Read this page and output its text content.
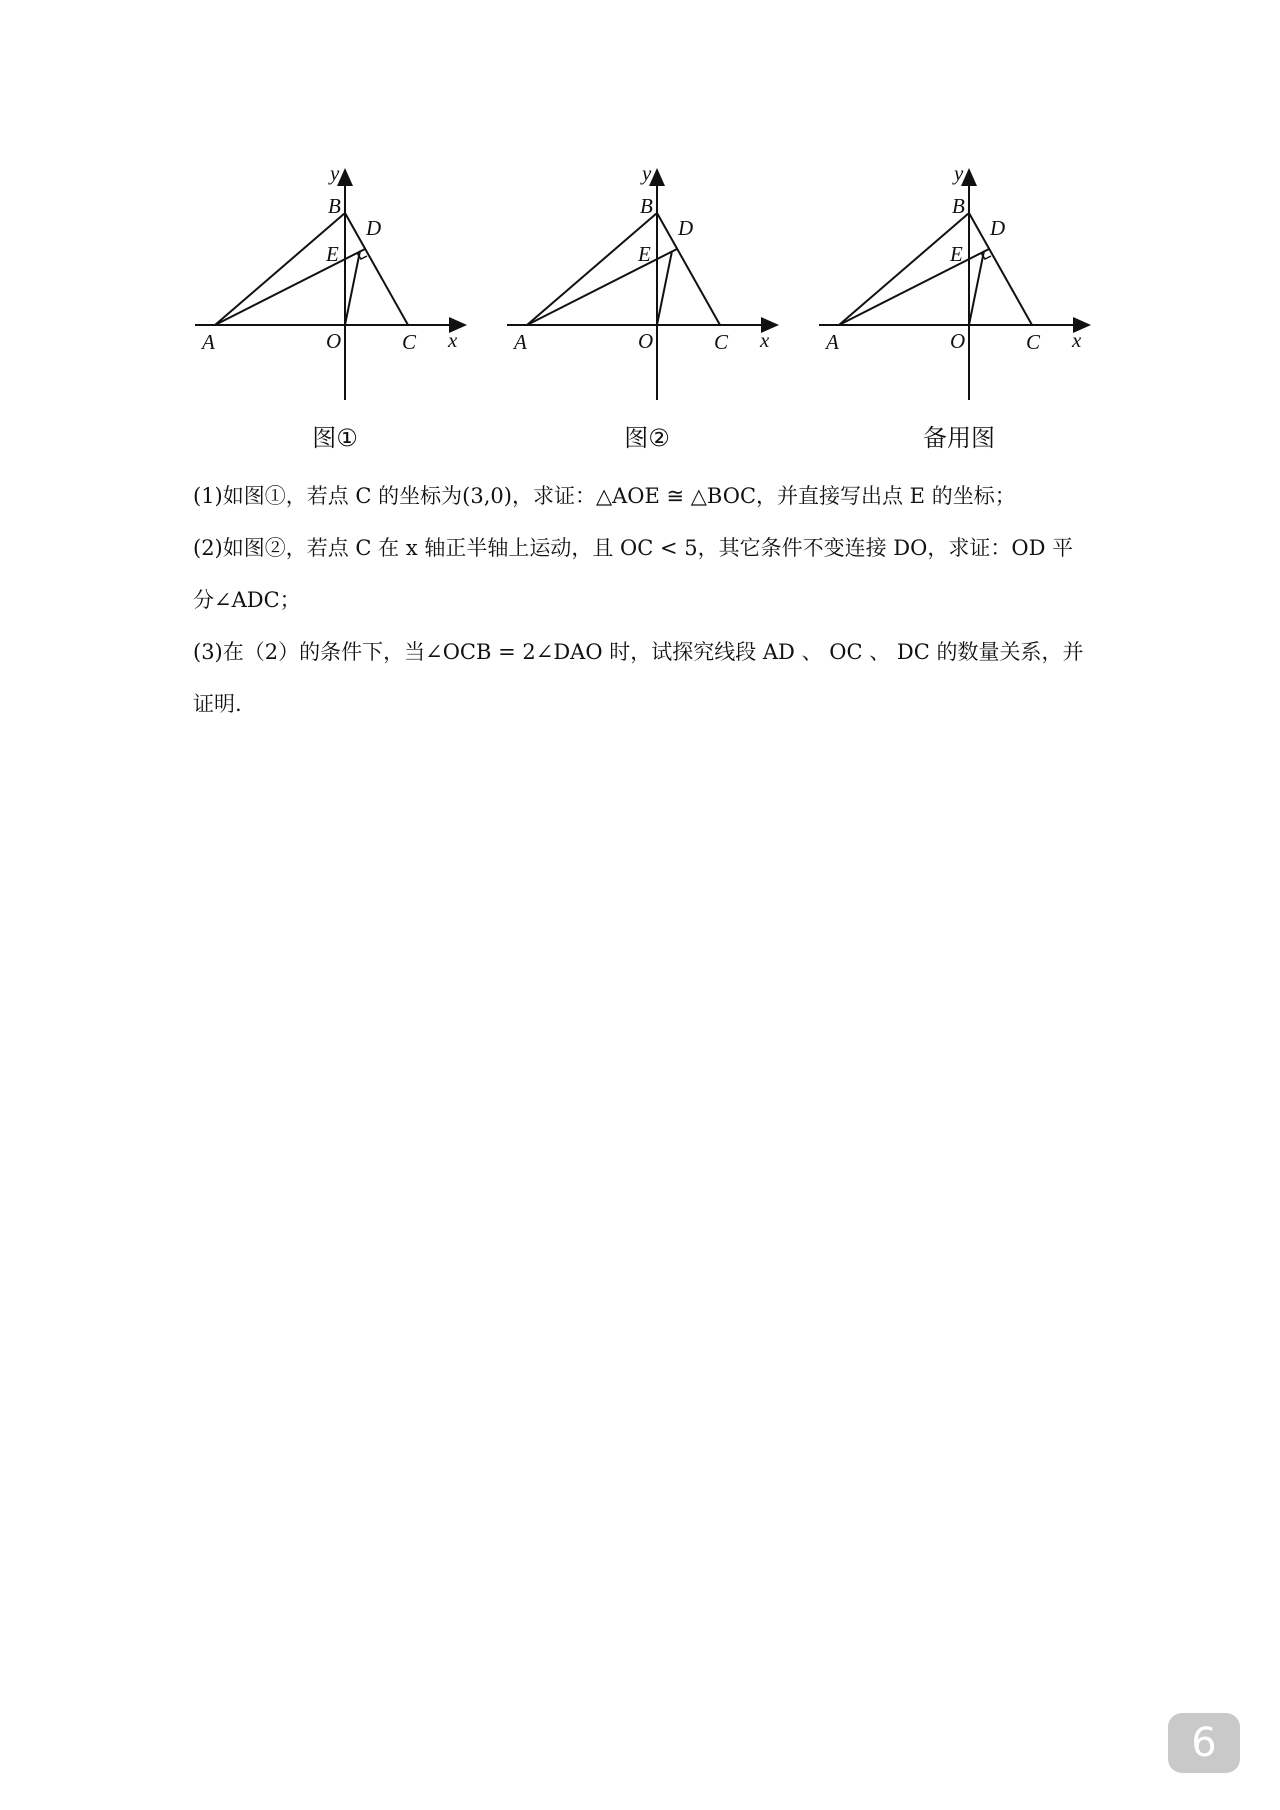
y
B
D
E
A	O	C x
图①
y
B
D
E
A	O	C x
图②
y
B
D
E
A	O	C x
备用图

(1)如图①，若点 C 的坐标为(3,0)，求证：△AOE ≅ △BOC，并直接写出点 E 的坐标；

(2)如图②，若点 C 在 x 轴正半轴上运动，且 OC < 5，其它条件不变连接 DO，求证：OD 平分∠ADC；

(3)在（2）的条件下，当∠OCB = 2∠DAO 时，试探究线段 AD 、 OC 、 DC 的数量关系，并证明.

6
